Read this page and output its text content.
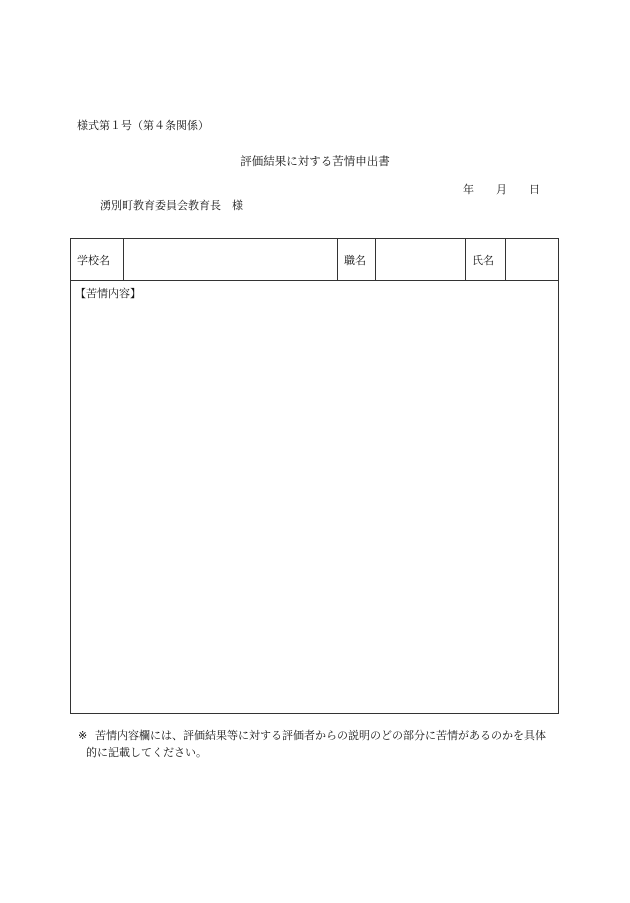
様式第１号（第４条関係）
評価結果に対する苦情申出書
年 月 日
湧別町教育委員会教育長　様
学校名	職名	氏名
【苦情内容】
※ 苦情内容欄には、評価結果等に対する評価者からの説明のどの部分に苦情があるのかを具体
的に記載してください。
